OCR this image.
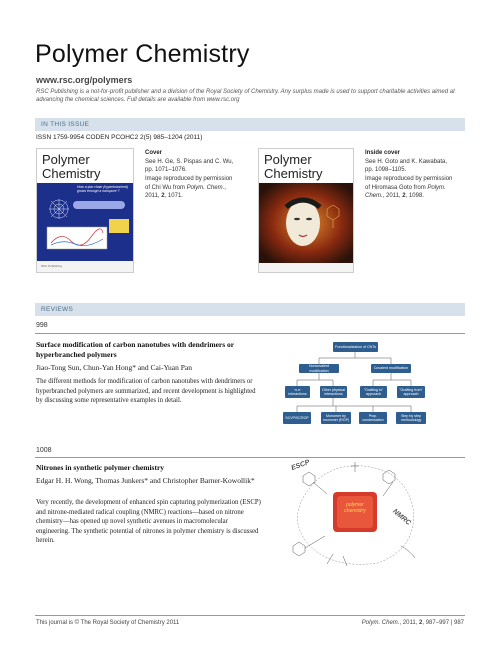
Polymer Chemistry
www.rsc.org/polymers
RSC Publishing is a not-for-profit publisher and a division of the Royal Society of Chemistry. Any surplus made is used to support charitable activities aimed at advancing the chemical sciences. Full details are available from www.rsc.org
IN THIS ISSUE
ISSN 1759-9954 CODEN PCOHC2 2(5) 985–1204 (2011)
Polymer
Chemistry
RSC Publishing
How a star chain (hyperbranched) grows through a nanopore ?
Cover
See H. Ge, S. Pispas and C. Wu,
pp. 1071–1076.
Image reproduced by permission
of Chi Wu from Polym. Chem.,
2011, 2, 1071.
Polymer
Chemistry
Inside cover
See H. Goto and K. Kawabata,
pp. 1098–1105.
Image reproduced by permission
of Hiromasa Goto from Polym.
Chem., 2011, 2, 1098.
REVIEWS
998
Surface modification of carbon nanotubes with dendrimers or hyperbranched polymers
Jiao-Tong Sun, Chun-Yan Hong* and Cai-Yuan Pan
The different methods for modification of carbon nanotubes with dendrimers or hyperbranched polymers are summarized, and recent development is highlighted by discussing some representative examples in detail.
Functionalization of CNTs
Noncovalent modification
Covalent modification
π-π interactions
Other physical interactions
"Grafting to" approach
"Grafting from" approach
SCVP/SCROP
Monomer by monomer (ROP)
Prop. condensation
Step by step methodology
1008
Nitrones in synthetic polymer chemistry
Edgar H. H. Wong, Thomas Junkers* and Christopher Barner-Kowollik*
Very recently, the development of enhanced spin capturing polymerization (ESCP) and nitrone-mediated radical coupling (NMRC) reactions—based on nitrone chemistry—has opened up novel synthetic avenues in macromolecular engineering. The synthetic potential of nitrones in polymer chemistry is discussed herein.
ESCP
NMRC
polymer chemistry
This journal is © The Royal Society of Chemistry 2011	Polym. Chem., 2011, 2, 987–997 | 987
